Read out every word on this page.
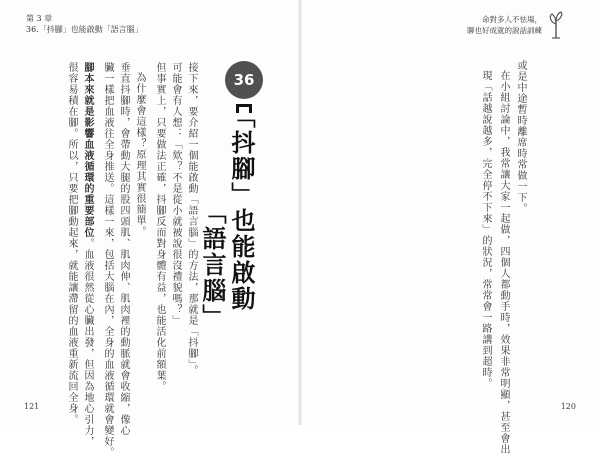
第 3 章
36.「抖腳」也能啟動「語言腦」
命對多人不怯場，
聊也好成就的說話訓練
或是中途暫時離席時常做一下。
在小組討論中，我常讓大家一起做，四個人都動手時，效果非常明顯，甚至會出
現「話越說越多，完全停不下來」的狀況，常常會一路講到超時。
36
「抖腳」也能啟動
「語言腦」
接下來，要介紹一個能啟動「語言腦」的方法，那就是「抖腳」。
可能會有人想：「欸？不是從小就被說很沒禮貌嗎？」
但事實上，只要做法正確，抖腳反而對身體有益，也能活化前額葉。
為什麼會這樣？原理其實很簡單。
垂直抖腳時，會帶動大腿的股四頭肌、肌肉伸、肌肉裡的動脈就會收縮，像心
臟一樣把血液往全身推送。這樣一來，包括大腦在內，全身的血液循環就會變好。
腳本來就是影響血液循環的重要部位。血液很然從心臟出發，但因為地心引力，
很容易積在腳。所以，只要把腳動起來，就能讓滯留的血液重新流回全身。
121	120
